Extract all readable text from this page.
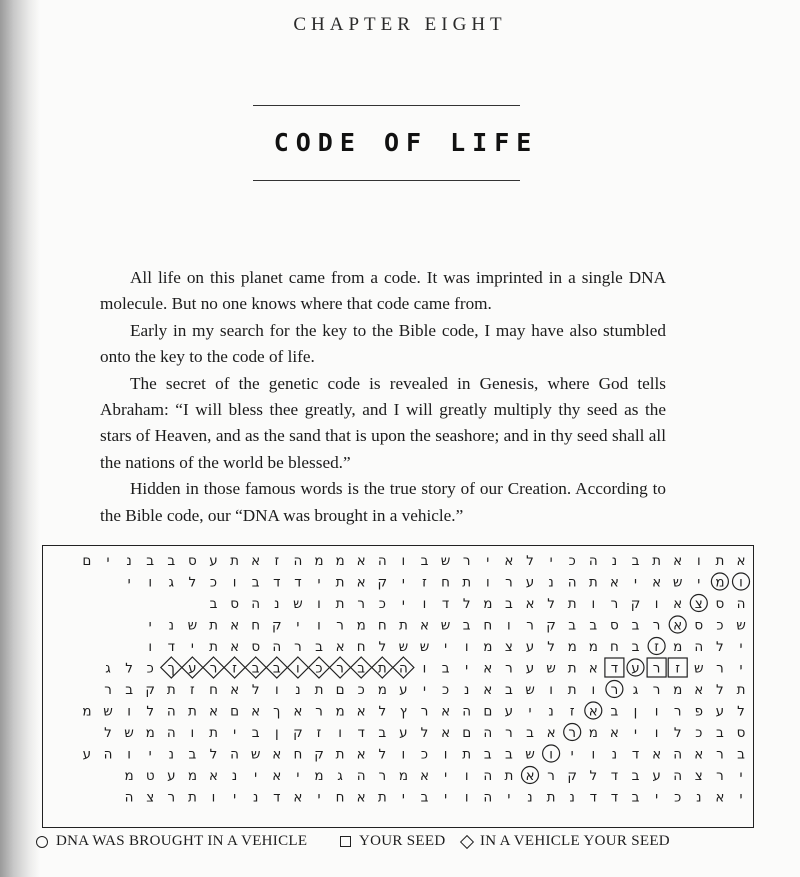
CHAPTER EIGHT
CODE OF LIFE

All life on this planet came from a code. It was imprinted in a single DNA molecule. But no one knows where that code came from.

Early in my search for the key to the Bible code, I may have also stumbled onto the key to the code of life.

The secret of the genetic code is revealed in Genesis, where God tells Abraham: “I will bless thee greatly, and I will greatly multiply thy seed as the stars of Heaven, and as the sand that is upon the seashore; and in thy seed shall all the nations of the world be blessed.”

Hidden in those famous words is the true story of our Creation. According to the Bible code, our “DNA was brought in a vehicle.”

א
ת
ו
א
ת
ב
נ
ה
כ
י
ל
א
י
ר
ש
ב
ו
ה
א
מ
מ
ה
ז
א
ת
ע
ס
ב
ב
נ
י
ם
ו
מ
י
ש
א
י
א
ת
ה
נ
ע
ר
ו
ת
ח
ז
י
ק
א
ת
י
ד
ד
ב
ו
כ
ל
ג
ו
י
ה
ס
צ
א
ו
ק
ר
ו
ת
ל
א
ב
מ
ל
ד
ו
י
כ
ר
ת
ו
ש
נ
ה
ס
ב
ש
כ
ס
א
ר
ב
ס
ב
ב
ק
ר
ו
ח
ב
ש
א
ת
ח
מ
ר
ו
י
ק
ח
א
ת
ש
נ
י
י
ל
ה
מ
ז
ב
ח
מ
מ
ל
ע
צ
מ
ו
י
ש
ש
ל
ח
א
ב
ר
ה
ס
א
ת
י
ד
ו
י
ר
ש
ז
ר
ע
ד
א
ת
ש
ע
ר
א
י
ב
ו
ה
ת
ב
ר
כ
ו
ב
ב
ז
ר
ע
ך
כ
ל
ג
ת
ל
א
מ
ר
ג
ר
ו
ת
ו
ש
ב
א
נ
כ
י
ע
מ
כ
ם
ת
נ
ו
ל
א
ח
ז
ת
ק
ב
ר
ל
ע
פ
ר
ו
ן
ב
א
ז
נ
י
ע
ם
ה
א
ר
ץ
ל
א
מ
ר
א
ך
א
ם
א
ת
ה
ל
ו
ש
מ
ס
ב
כ
ל
ו
י
א
מ
ר
א
ב
ר
ה
ם
א
ל
ע
ב
ד
ו
ז
ק
ן
ב
י
ת
ו
ה
מ
ש
ל
ב
ר
א
ה
א
ד
נ
ו
י
ו
ש
ב
ב
ת
ו
כ
ו
ל
א
ת
ק
ח
א
ש
ה
ל
ב
נ
י
ו
ה
ע
י
ר
צ
ה
ע
ב
ד
ל
ק
ר
א
ת
ה
ו
י
א
מ
ר
ה
ג
מ
י
א
י
נ
א
מ
ע
ט
מ
י
א
נ
כ
י
ב
ד
ד
נ
ת
נ
י
ה
ו
י
ב
י
ת
א
ח
י
א
ד
נ
י
ו
ת
ר
צ
ה
DNA WAS BROUGHT IN A VEHICLE	YOUR SEED IN A VEHICLE YOUR SEED
